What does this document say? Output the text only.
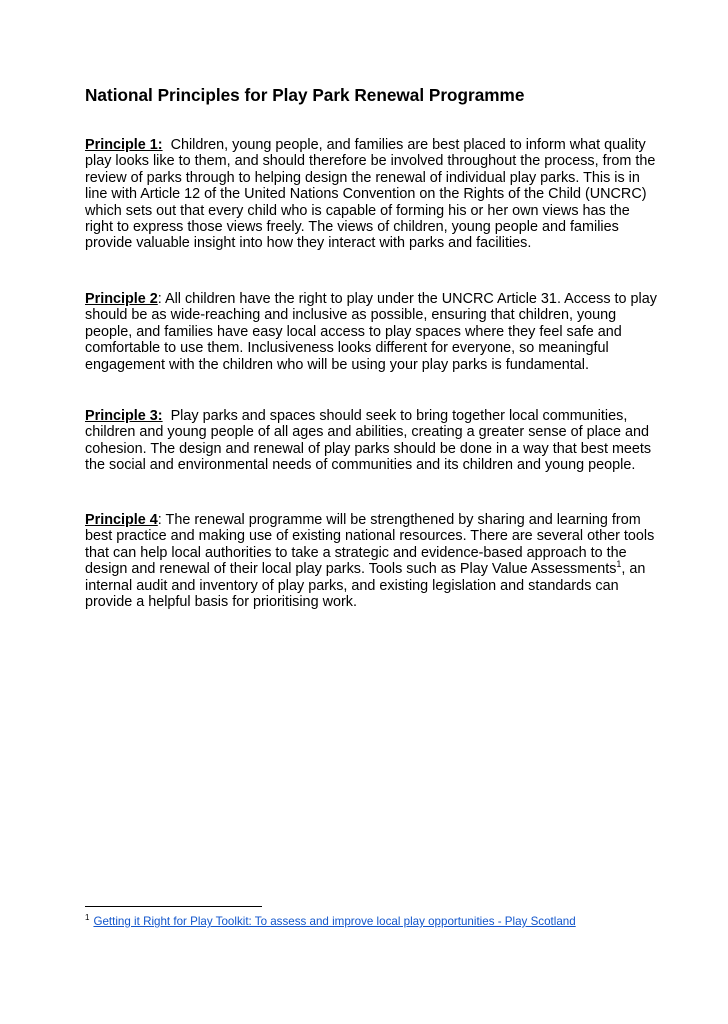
National Principles for Play Park Renewal Programme

Principle 1: Children, young people, and families are best placed to inform what quality play looks like to them, and should therefore be involved throughout the process, from the review of parks through to helping design the renewal of individual play parks. This is in line with Article 12 of the United Nations Convention on the Rights of the Child (UNCRC) which sets out that every child who is capable of forming his or her own views has the right to express those views freely. The views of children, young people and families provide valuable insight into how they interact with parks and facilities.

Principle 2: All children have the right to play under the UNCRC Article 31. Access to play should be as wide-reaching and inclusive as possible, ensuring that children, young people, and families have easy local access to play spaces where they feel safe and comfortable to use them. Inclusiveness looks different for everyone, so meaningful engagement with the children who will be using your play parks is fundamental.

Principle 3: Play parks and spaces should seek to bring together local communities, children and young people of all ages and abilities, creating a greater sense of place and cohesion. The design and renewal of play parks should be done in a way that best meets the social and environmental needs of communities and its children and young people.

Principle 4: The renewal programme will be strengthened by sharing and learning from best practice and making use of existing national resources. There are several other tools that can help local authorities to take a strategic and evidence-based approach to the design and renewal of their local play parks. Tools such as Play Value Assessments$^1$, an internal audit and inventory of play parks, and existing legislation and standards can provide a helpful basis for prioritising work.

$^1$ Getting it Right for Play Toolkit: To assess and improve local play opportunities - Play Scotland
